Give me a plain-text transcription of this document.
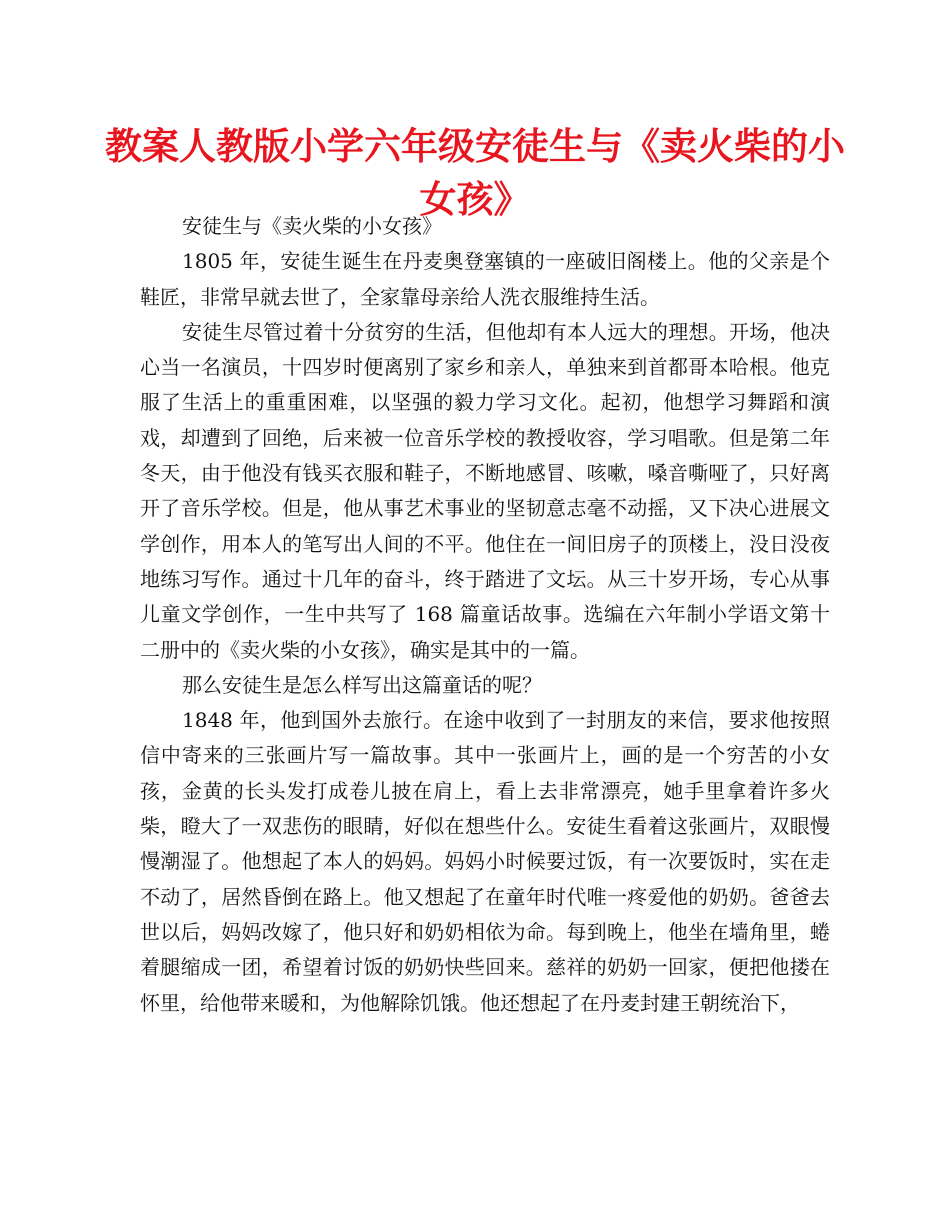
教案人教版小学六年级安徒生与《卖火柴的小女孩》

安徒生与《卖火柴的小女孩》

1805 年，安徒生诞生在丹麦奥登塞镇的一座破旧阁楼上。他的父亲是个鞋匠，非常早就去世了，全家靠母亲给人洗衣服维持生活。

安徒生尽管过着十分贫穷的生活，但他却有本人远大的理想。开场，他决心当一名演员，十四岁时便离别了家乡和亲人，单独来到首都哥本哈根。他克服了生活上的重重困难，以坚强的毅力学习文化。起初，他想学习舞蹈和演戏，却遭到了回绝，后来被一位音乐学校的教授收容，学习唱歌。但是第二年冬天，由于他没有钱买衣服和鞋子，不断地感冒、咳嗽，嗓音嘶哑了，只好离开了音乐学校。但是，他从事艺术事业的坚韧意志毫不动摇，又下决心进展文学创作，用本人的笔写出人间的不平。他住在一间旧房子的顶楼上，没日没夜地练习写作。通过十几年的奋斗，终于踏进了文坛。从三十岁开场，专心从事儿童文学创作，一生中共写了 168 篇童话故事。选编在六年制小学语文第十二册中的《卖火柴的小女孩》，确实是其中的一篇。

那么安徒生是怎么样写出这篇童话的呢？

1848 年，他到国外去旅行。在途中收到了一封朋友的来信，要求他按照信中寄来的三张画片写一篇故事。其中一张画片上，画的是一个穷苦的小女孩，金黄的长头发打成卷儿披在肩上，看上去非常漂亮，她手里拿着许多火柴，瞪大了一双悲伤的眼睛，好似在想些什么。安徒生看着这张画片，双眼慢慢潮湿了。他想起了本人的妈妈。妈妈小时候要过饭，有一次要饭时，实在走不动了，居然昏倒在路上。他又想起了在童年时代唯一疼爱他的奶奶。爸爸去世以后，妈妈改嫁了，他只好和奶奶相依为命。每到晚上，他坐在墙角里，蜷着腿缩成一团，希望着讨饭的奶奶快些回来。慈祥的奶奶一回家，便把他搂在怀里，给他带来暖和，为他解除饥饿。他还想起了在丹麦封建王朝统治下，
